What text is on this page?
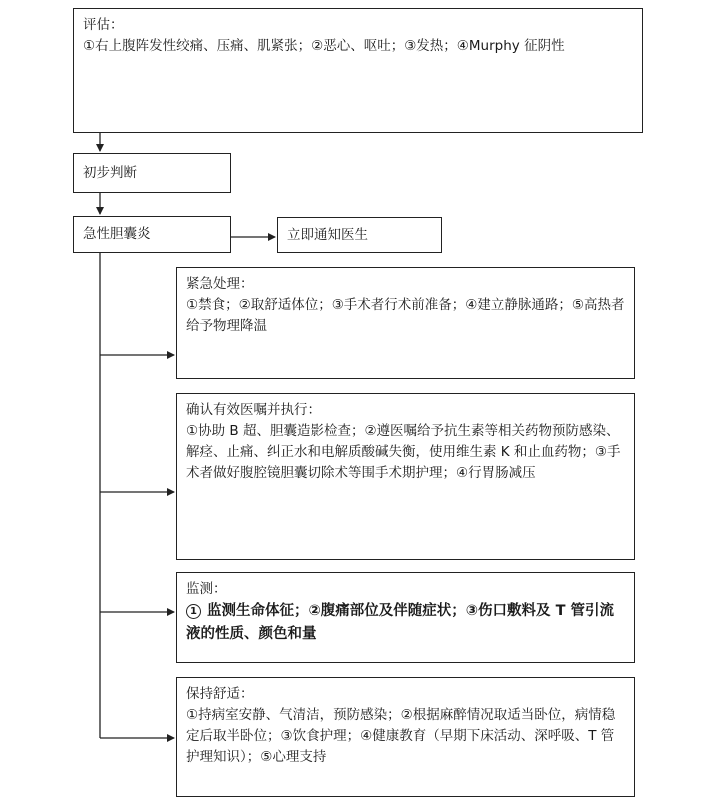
评估：
①右上腹阵发性绞痛、压痛、肌紧张；②恶心、呕吐；③发热；④Murphy 征阴性
初步判断
急性胆囊炎	立即通知医生
紧急处理：
①禁食；②取舒适体位；③手术者行术前准备；④建立静脉通路；⑤高热者给予物理降温
确认有效医嘱并执行：
①协助 B 超、胆囊造影检查；②遵医嘱给予抗生素等相关药物预防感染、解痉、止痛、纠正水和电解质酸碱失衡，使用维生素 K 和止血药物；③手术者做好腹腔镜胆囊切除术等围手术期护理；④行胃肠减压
监测：
1 监测生命体征；②腹痛部位及伴随症状；③伤口敷料及 T 管引流液的性质、颜色和量
保持舒适：
①持病室安静、气清洁，预防感染；②根据麻醉情况取适当卧位，病情稳定后取半卧位；③饮食护理；④健康教育（早期下床活动、深呼吸、T 管护理知识）；⑤心理支持
